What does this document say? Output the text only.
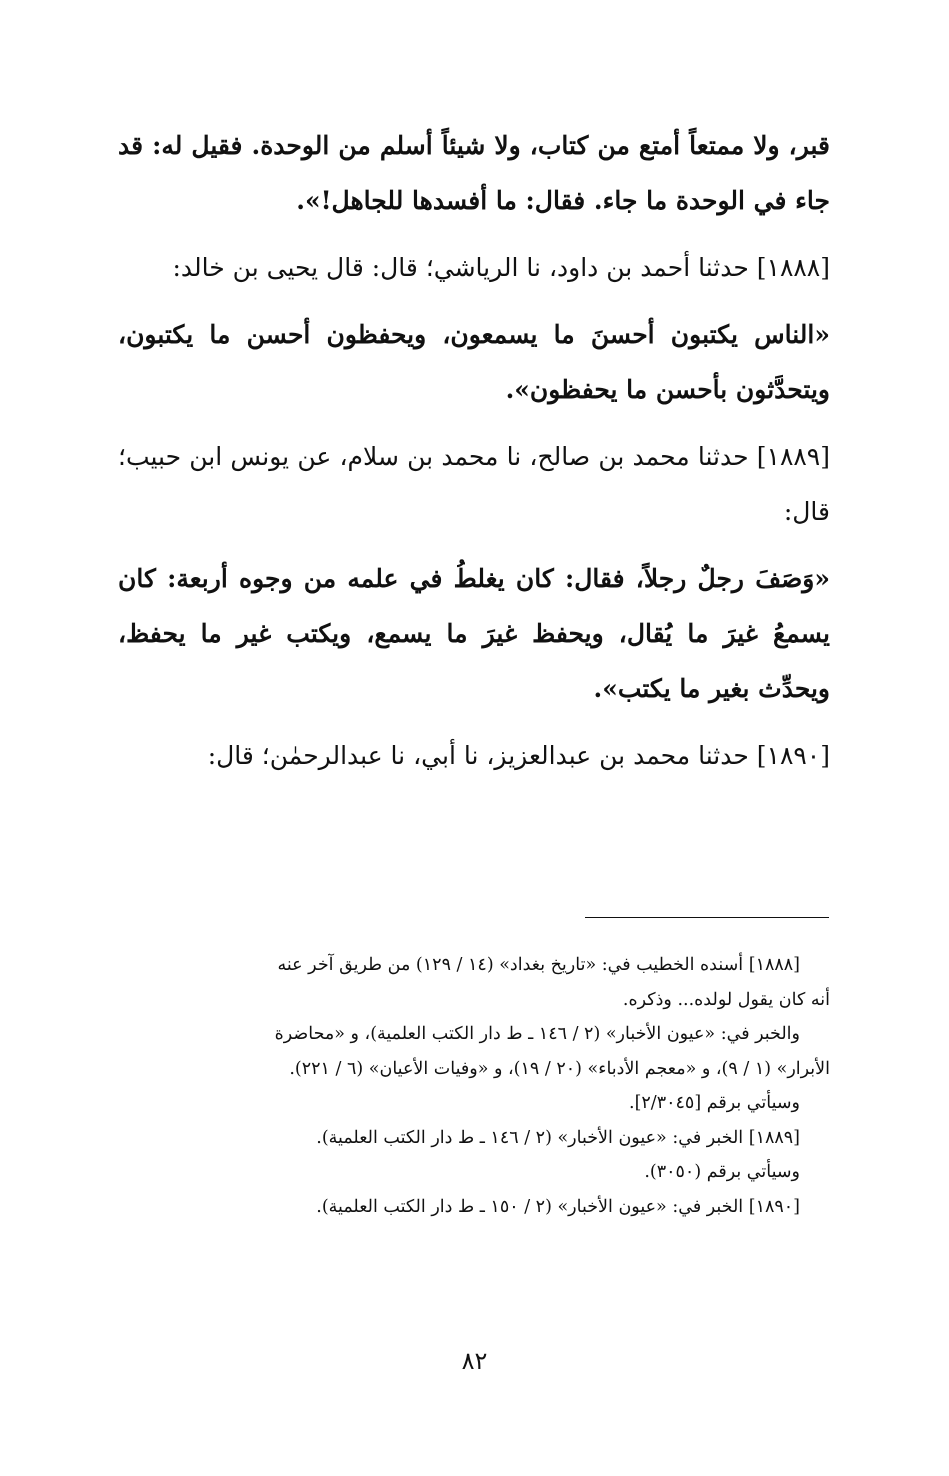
قبر، ولا ممتعاً أمتع من كتاب، ولا شيئاً أسلم من الوحدة. فقيل له: قد جاء في الوحدة ما جاء. فقال: ما أفسدها للجاهل!».

[١٨٨٨] حدثنا أحمد بن داود، نا الرياشي؛ قال: قال يحيى بن خالد:

«الناس يكتبون أحسنَ ما يسمعون، ويحفظون أحسن ما يكتبون، ويتحدَّثون بأحسن ما يحفظون».

[١٨٨٩] حدثنا محمد بن صالح، نا محمد بن سلام، عن يونس ابن حبيب؛ قال:

«وَصَفَ رجلٌ رجلاً، فقال: كان يغلطُ في علمه من وجوه أربعة: كان يسمعُ غيرَ ما يُقال، ويحفظ غيرَ ما يسمع، ويكتب غير ما يحفظ، ويحدِّث بغير ما يكتب».

[١٨٩٠] حدثنا محمد بن عبدالعزيز، نا أبي، نا عبدالرحمٰن؛ قال:

[١٨٨٨] أسنده الخطيب في: «تاريخ بغداد» (١٤ / ١٢٩) من طريق آخر عنه

أنه كان يقول لولده... وذكره.

والخبر في: «عيون الأخبار» (٢ / ١٤٦ ـ ط دار الكتب العلمية)، و «محاضرة

الأبرار» (١ / ٩)، و «معجم الأدباء» (٢٠ / ١٩)، و «وفيات الأعيان» (٦ / ٢٢١).

وسيأتي برقم [٢/٣٠٤٥].

[١٨٨٩] الخبر في: «عيون الأخبار» (٢ / ١٤٦ ـ ط دار الكتب العلمية).

وسيأتي برقم (٣٠٥٠).

[١٨٩٠] الخبر في: «عيون الأخبار» (٢ / ١٥٠ ـ ط دار الكتب العلمية).

٨٢
